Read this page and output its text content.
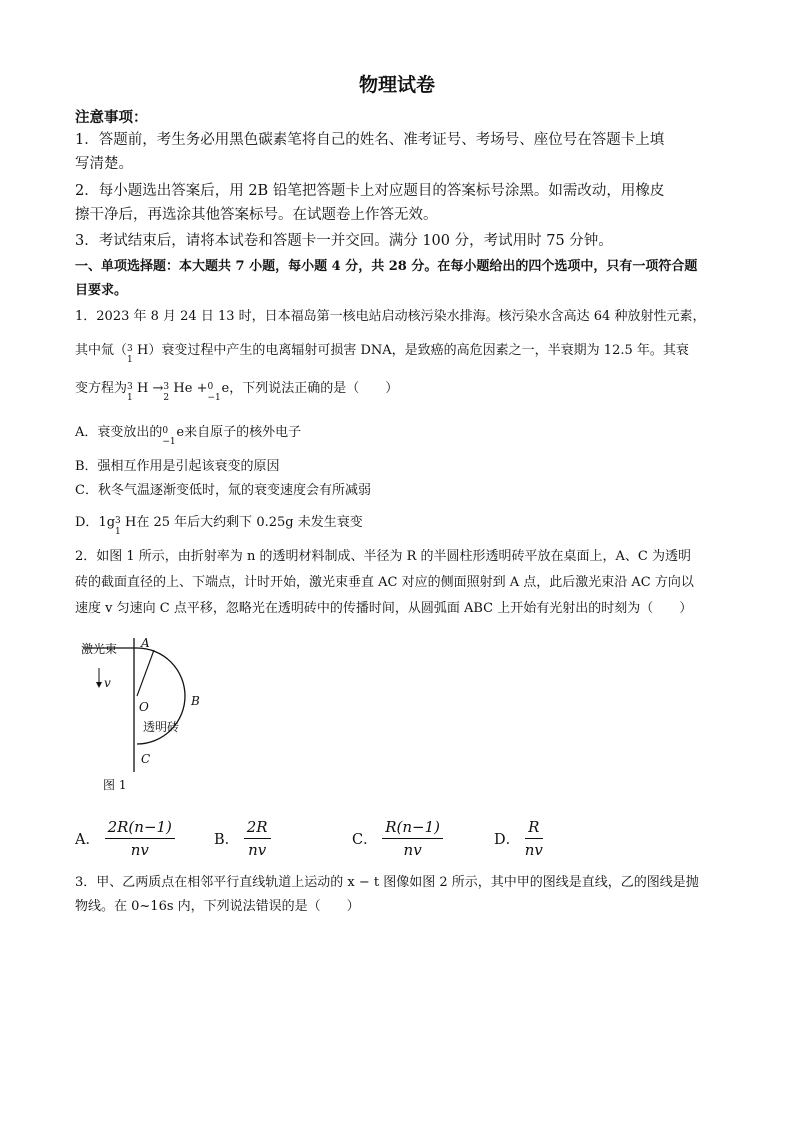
物理试卷
注意事项：
1．答题前，考生务必用黑色碳素笔将自己的姓名、准考证号、考场号、座位号在答题卡上填
写清楚。
2．每小题选出答案后，用 2B 铅笔把答题卡上对应题目的答案标号涂黑。如需改动，用橡皮
擦干净后，再选涂其他答案标号。在试题卷上作答无效。
3．考试结束后，请将本试卷和答题卡一并交回。满分 100 分，考试用时 75 分钟。
一、单项选择题：本大题共 7 小题，每小题 4 分，共 28 分。在每小题给出的四个选项中，只有一项符合题
目要求。
1．2023 年 8 月 24 日 13 时，日本福岛第一核电站启动核污染水排海。核污染水含高达 64 种放射性元素，
其中氚（ 3
1
H）衰变过程中产生的电离辐射可损害 DNA，是致癌的高危因素之一，半衰期为 12.5 年。其衰
变方程为 3
1
H → 3
2
He + 0
−1
e，下列说法正确的是（　　）
A．衰变放出的 0
−1
e来自原子的核外电子
B．强相互作用是引起该衰变的原因
C．秋冬气温逐渐变低时，氚的衰变速度会有所减弱
D．1g 3
1
H在 25 年后大约剩下 0.25g 未发生衰变
2．如图 1 所示，由折射率为 n 的透明材料制成、半径为 R 的半圆柱形透明砖平放在桌面上，A、C 为透明
砖的截面直径的上、下端点，计时开始，激光束垂直 AC 对应的侧面照射到 A 点，此后激光束沿 AC 方向以
速度 v 匀速向 C 点平移，忽略光在透明砖中的传播时间，从圆弧面 ABC 上开始有光射出的时刻为（　　）
激光束
v
A
B
O
透明砖
C
图 1
A． $\frac{2R(n-1)}{nv}$	B． $\frac{2R}{nv}$	C． $\frac{R(n-1)}{nv}$	D． $\frac{R}{nv}$
3．甲、乙两质点在相邻平行直线轨道上运动的 x − t 图像如图 2 所示，其中甲的图线是直线，乙的图线是抛
物线。在 0~16s 内，下列说法错误的是（　　）
